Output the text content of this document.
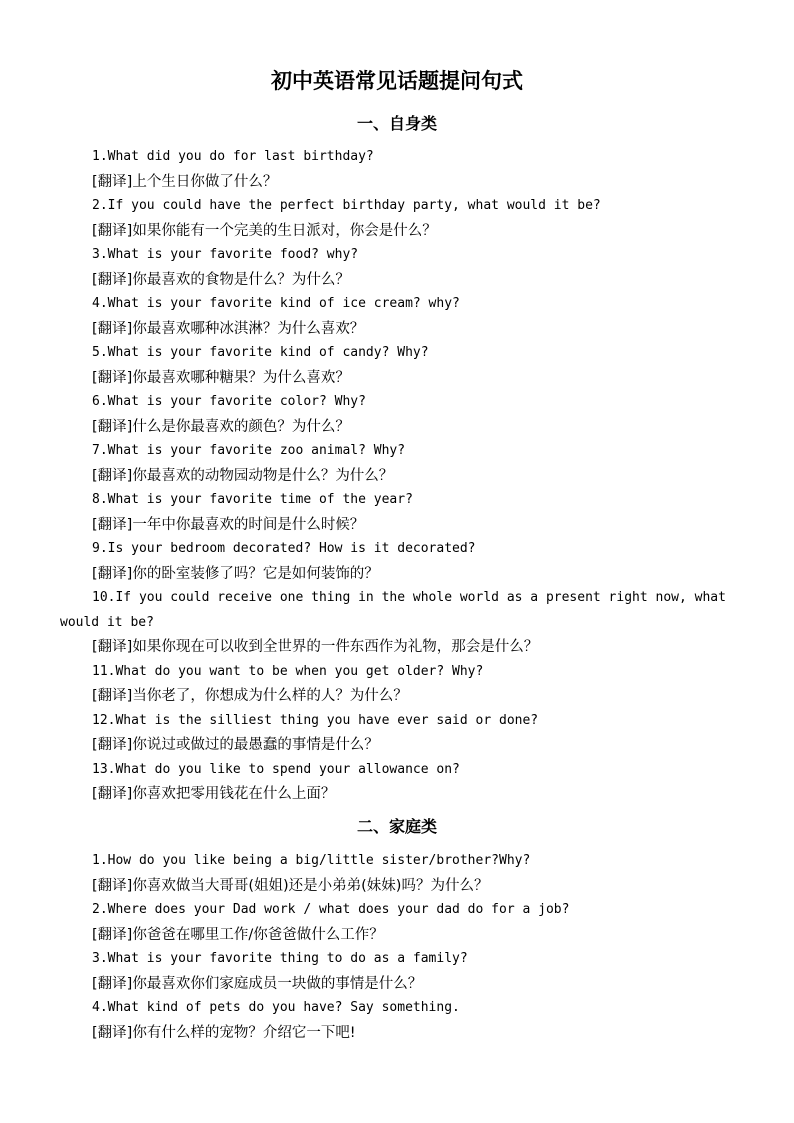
初中英语常见话题提问句式
一、自身类
1.What did you do for last birthday?
[翻译]上个生日你做了什么？
2.If you could have the perfect birthday party, what would it be?
[翻译]如果你能有一个完美的生日派对，你会是什么？
3.What is your favorite food? why?
[翻译]你最喜欢的食物是什么？为什么？
4.What is your favorite kind of ice cream? why?
[翻译]你最喜欢哪种冰淇淋？为什么喜欢？
5.What is your favorite kind of candy? Why?
[翻译]你最喜欢哪种糖果？为什么喜欢？
6.What is your favorite color? Why?
[翻译]什么是你最喜欢的颜色？为什么？
7.What is your favorite zoo animal? Why?
[翻译]你最喜欢的动物园动物是什么？为什么？
8.What is your favorite time of the year?
[翻译]一年中你最喜欢的时间是什么时候？
9.Is your bedroom decorated? How is it decorated?
[翻译]你的卧室装修了吗？它是如何装饰的？
10.If you could receive one thing in the whole world as a present right now, what would it be?
[翻译]如果你现在可以收到全世界的一件东西作为礼物，那会是什么？
11.What do you want to be when you get older? Why?
[翻译]当你老了，你想成为什么样的人？为什么？
12.What is the silliest thing you have ever said or done?
[翻译]你说过或做过的最愚蠢的事情是什么？
13.What do you like to spend your allowance on?
[翻译]你喜欢把零用钱花在什么上面？
二、家庭类
1.How do you like being a big/little sister/brother?Why?
[翻译]你喜欢做当大哥哥(姐姐)还是小弟弟(妹妹)吗？为什么？
2.Where does your Dad work / what does your dad do for a job?
[翻译]你爸爸在哪里工作/你爸爸做什么工作？
3.What is your favorite thing to do as a family?
[翻译]你最喜欢你们家庭成员一块做的事情是什么？
4.What kind of pets do you have? Say something.
[翻译]你有什么样的宠物？介绍它一下吧!
